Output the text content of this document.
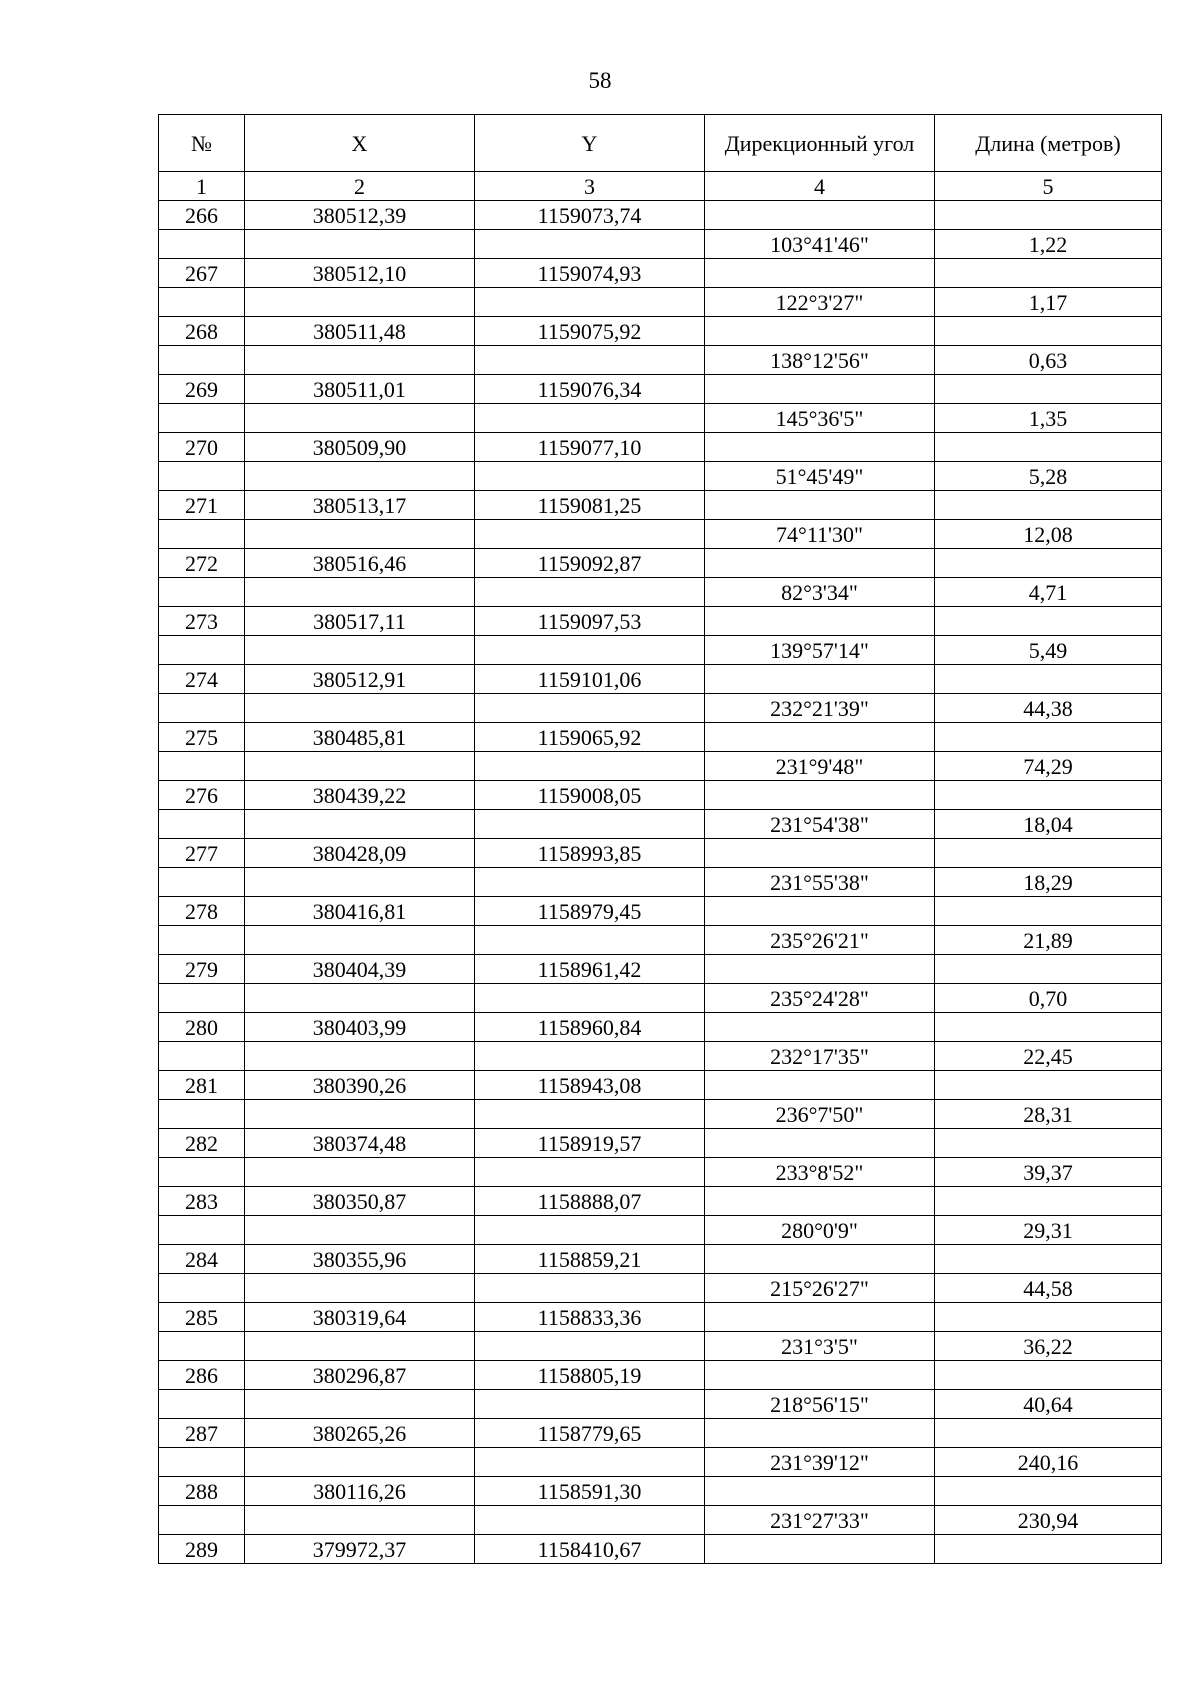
58
№	X	Y	Дирекционный угол	Длина (метров)
1	2	3	4	5
266	380512,39	1159073,74		
			103°41'46"	1,22
267	380512,10	1159074,93		
			122°3'27"	1,17
268	380511,48	1159075,92		
			138°12'56"	0,63
269	380511,01	1159076,34		
			145°36'5"	1,35
270	380509,90	1159077,10		
			51°45'49"	5,28
271	380513,17	1159081,25		
			74°11'30"	12,08
272	380516,46	1159092,87		
			82°3'34"	4,71
273	380517,11	1159097,53		
			139°57'14"	5,49
274	380512,91	1159101,06		
			232°21'39"	44,38
275	380485,81	1159065,92		
			231°9'48"	74,29
276	380439,22	1159008,05		
			231°54'38"	18,04
277	380428,09	1158993,85		
			231°55'38"	18,29
278	380416,81	1158979,45		
			235°26'21"	21,89
279	380404,39	1158961,42		
			235°24'28"	0,70
280	380403,99	1158960,84		
			232°17'35"	22,45
281	380390,26	1158943,08		
			236°7'50"	28,31
282	380374,48	1158919,57		
			233°8'52"	39,37
283	380350,87	1158888,07		
			280°0'9"	29,31
284	380355,96	1158859,21		
			215°26'27"	44,58
285	380319,64	1158833,36		
			231°3'5"	36,22
286	380296,87	1158805,19		
			218°56'15"	40,64
287	380265,26	1158779,65		
			231°39'12"	240,16
288	380116,26	1158591,30		
			231°27'33"	230,94
289	379972,37	1158410,67		
